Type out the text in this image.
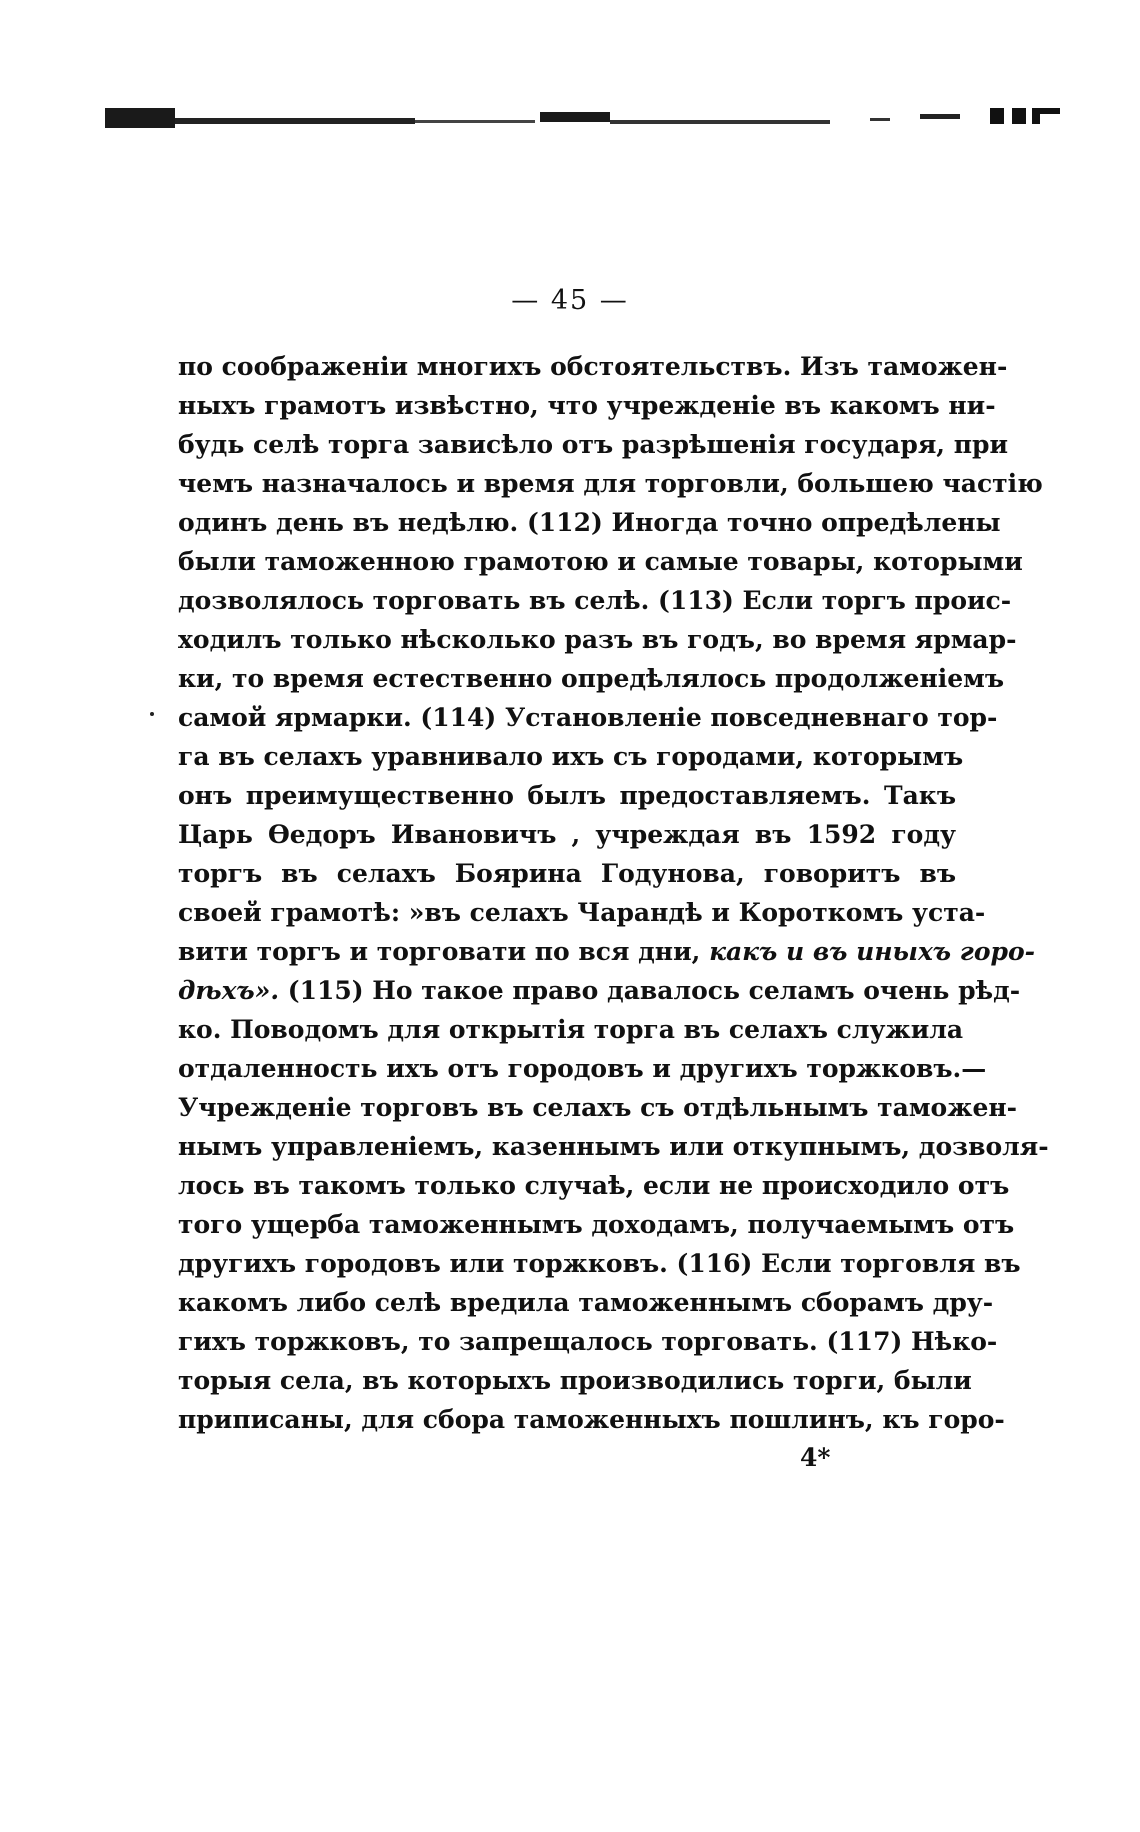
— 45 —
по соображеніи многихъ обстоятельствъ. Изъ таможен-
ныхъ грамотъ извѣстно, что учрежденіе въ какомъ ни-
будь селѣ торга зависѣло отъ разрѣшенія государя, при
чемъ назначалось и время для торговли, большею частію
одинъ день въ недѣлю. (112) Иногда точно опредѣлены
были таможенною грамотою и самые товары, которыми
дозволялось торговать въ селѣ. (113) Если торгъ проис-
ходилъ только нѣсколько разъ въ годъ, во время ярмар-
ки, то время естественно опредѣлялось продолженіемъ
самой ярмарки. (114) Установленіе повседневнаго тор-
га въ селахъ уравнивало ихъ съ городами, которымъ
онъ преимущественно былъ предоставляемъ. Такъ
Царь Ѳедоръ Ивановичъ , учреждая въ 1592 году
торгъ въ селахъ Боярина Годунова, говоритъ въ
своей грамотѣ: »въ селахъ Чарандѣ и Короткомъ уста-
вити торгъ и торговати по вся дни, какъ и въ иныхъ горо-
дѣхъ». (115) Но такое право давалось селамъ очень рѣд-
ко. Поводомъ для открытія торга въ селахъ служила
отдаленность ихъ отъ городовъ и другихъ торжковъ.—
Учрежденіе торговъ въ селахъ съ отдѣльнымъ таможен-
нымъ управленіемъ, казеннымъ или откупнымъ, дозволя-
лось въ такомъ только случаѣ, если не происходило отъ
того ущерба таможеннымъ доходамъ, получаемымъ отъ
другихъ городовъ или торжковъ. (116) Если торговля въ
какомъ либо селѣ вредила таможеннымъ сборамъ дру-
гихъ торжковъ, то запрещалось торговать. (117) Нѣко-
торыя села, въ которыхъ производились торги, были
приписаны, для сбора таможенныхъ пошлинъ, къ горо-
4*
